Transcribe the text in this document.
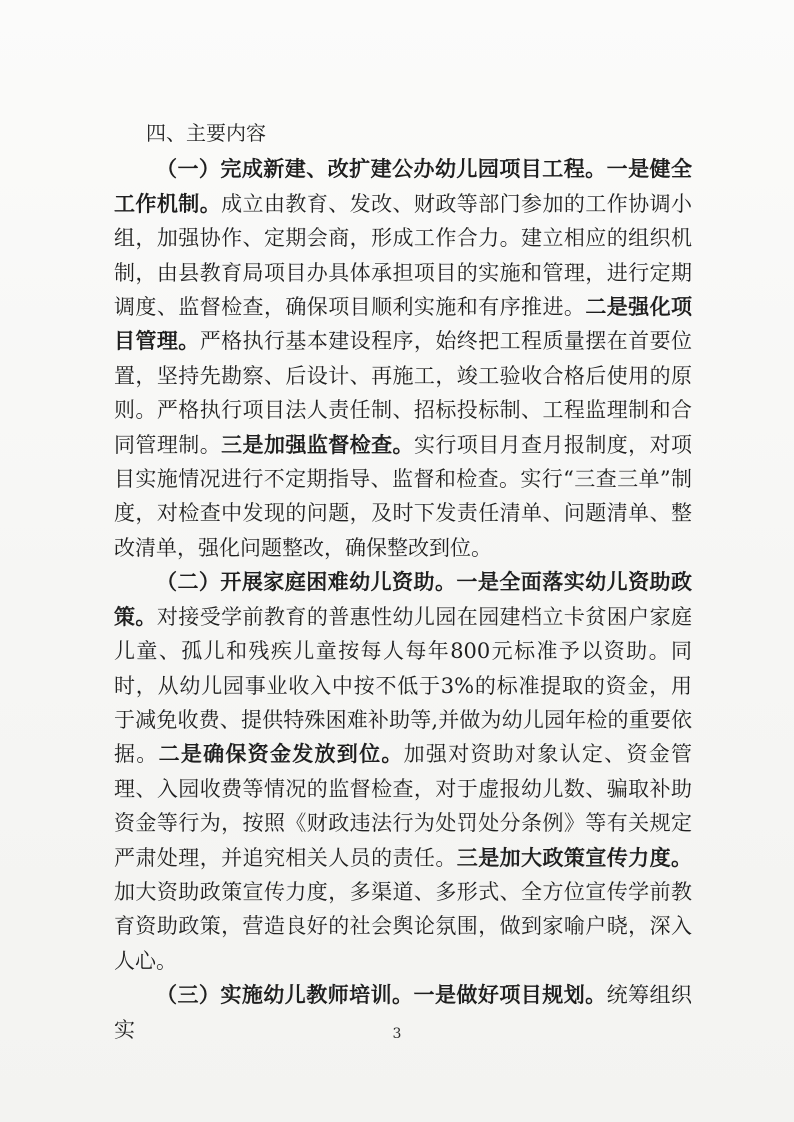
四、主要内容

（一）完成新建、改扩建公办幼儿园项目工程。一是健全工作机制。成立由教育、发改、财政等部门参加的工作协调小组，加强协作、定期会商，形成工作合力。建立相应的组织机制，由县教育局项目办具体承担项目的实施和管理，进行定期调度、监督检查，确保项目顺利实施和有序推进。二是强化项目管理。严格执行基本建设程序，始终把工程质量摆在首要位置，坚持先勘察、后设计、再施工，竣工验收合格后使用的原则。严格执行项目法人责任制、招标投标制、工程监理制和合同管理制。三是加强监督检查。实行项目月查月报制度，对项目实施情况进行不定期指导、监督和检查。实行“三查三单”制度，对检查中发现的问题，及时下发责任清单、问题清单、整改清单，强化问题整改，确保整改到位。

（二）开展家庭困难幼儿资助。一是全面落实幼儿资助政策。对接受学前教育的普惠性幼儿园在园建档立卡贫困户家庭儿童、孤儿和残疾儿童按每人每年800元标准予以资助。同时，从幼儿园事业收入中按不低于3%的标准提取的资金，用于减免收费、提供特殊困难补助等,并做为幼儿园年检的重要依据。二是确保资金发放到位。加强对资助对象认定、资金管理、入园收费等情况的监督检查，对于虚报幼儿数、骗取补助资金等行为，按照《财政违法行为处罚处分条例》等有关规定严肃处理，并追究相关人员的责任。三是加大政策宣传力度。加大资助政策宣传力度，多渠道、多形式、全方位宣传学前教育资助政策，营造良好的社会舆论氛围，做到家喻户晓，深入人心。

（三）实施幼儿教师培训。一是做好项目规划。统筹组织实	3
